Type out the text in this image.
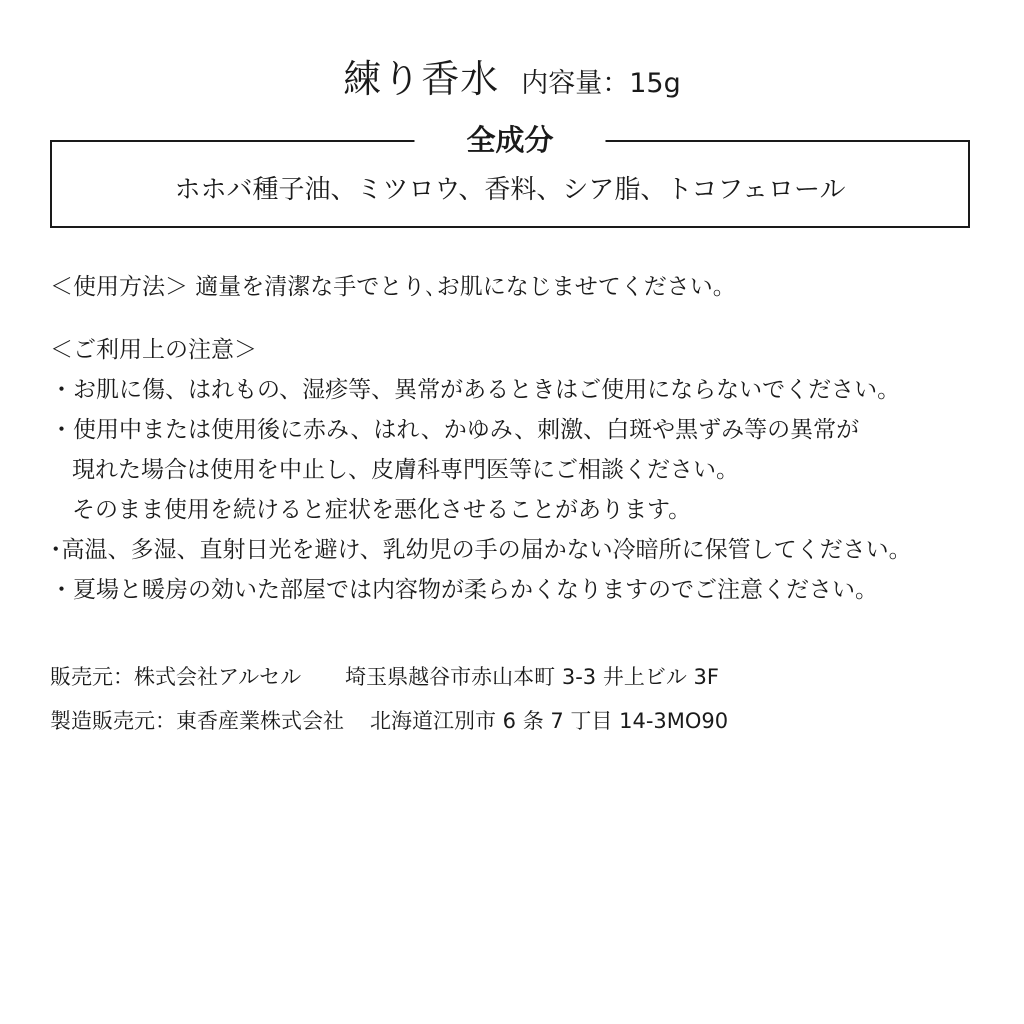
練り香水 内容量：15g
全成分
ホホバ種子油、ミツロウ、香料、シア脂、トコフェロール
＜使用方法＞ 適量を清潔な手でとり､お肌になじませてください。
＜ご利用上の注意＞
・お肌に傷、はれもの、湿疹等、異常があるときはご使用にならないでください。
・使用中または使用後に赤み、はれ、かゆみ、刺激、白斑や黒ずみ等の異常が
現れた場合は使用を中止し、皮膚科専門医等にご相談ください。
そのまま使用を続けると症状を悪化させることがあります。
･高温、多湿、直射日光を避け、乳幼児の手の届かない冷暗所に保管してください。
・夏場と暖房の効いた部屋では内容物が柔らかくなりますのでご注意ください。
販売元：株式会社アルセル 埼玉県越谷市赤山本町 3-3 井上ビル 3F
製造販売元：東香産業株式会社 北海道江別市 6 条 7 丁目 14-3MO90
